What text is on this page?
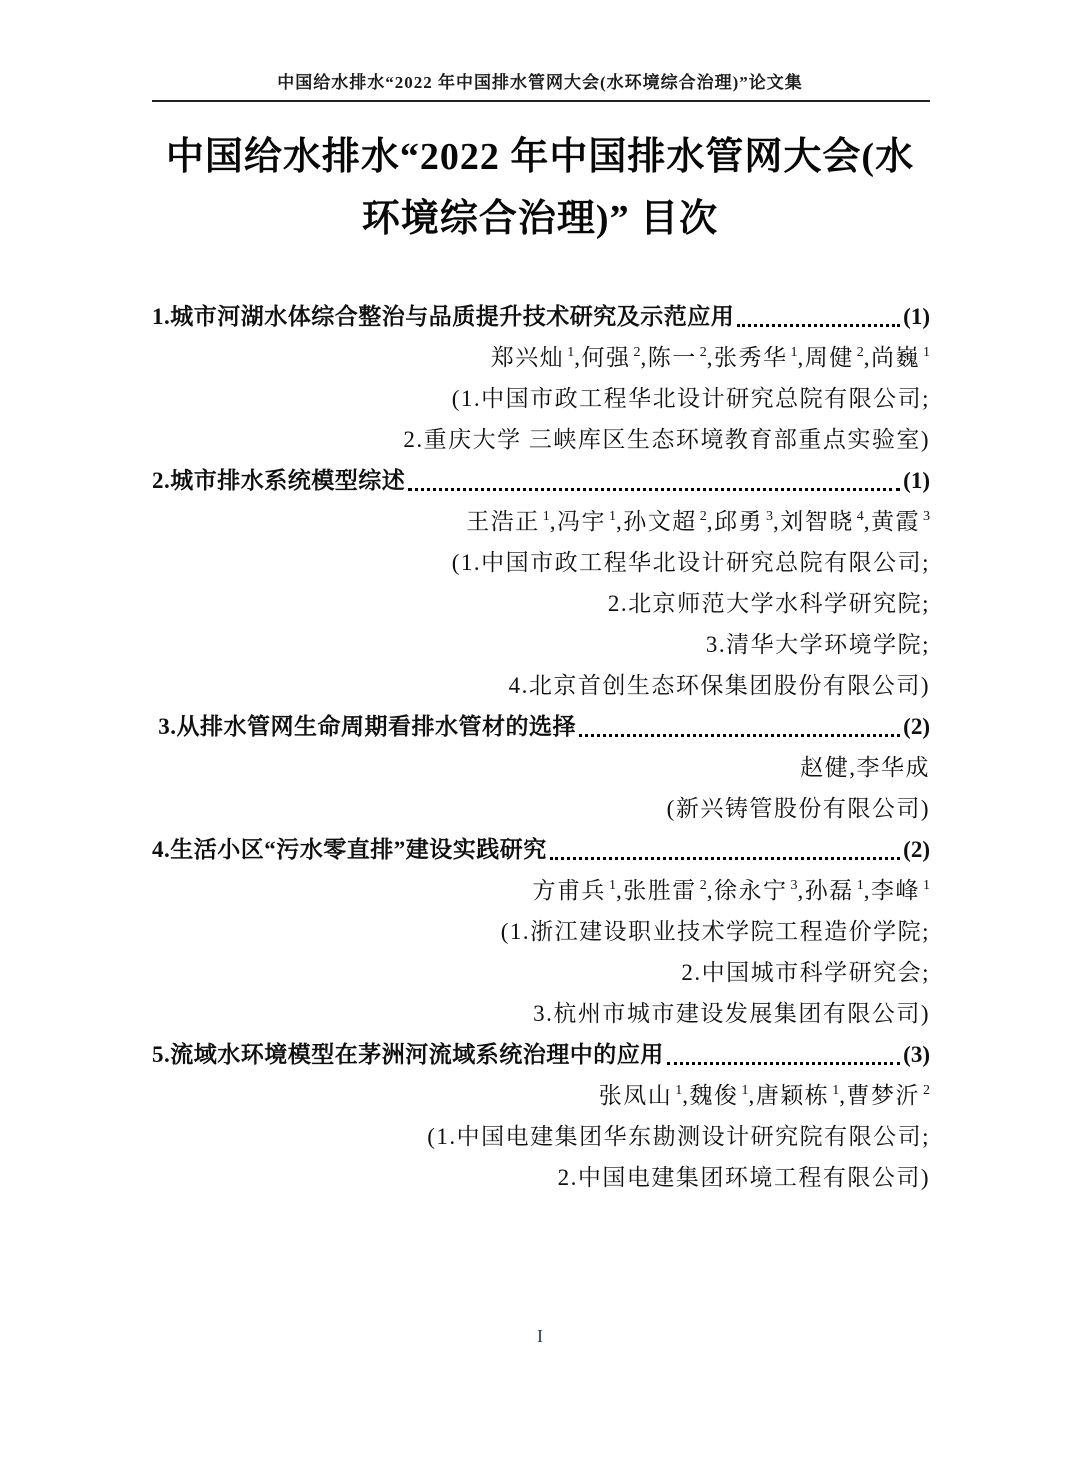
中国给水排水“2022 年中国排水管网大会(水环境综合治理)”论文集
中国给水排水“2022 年中国排水管网大会(水
环境综合治理)” 目次
1.城市河湖水体综合整治与品质提升技术研究及示范应用	(1)
郑兴灿 $^1$,何强 $^2$,陈一 $^2$,张秀华 $^1$,周健 $^2$,尚巍 $^1$
(1.中国市政工程华北设计研究总院有限公司;
2.重庆大学 三峡库区生态环境教育部重点实验室)
2.城市排水系统模型综述	(1)
王浩正 $^1$,冯宇 $^1$,孙文超 $^2$,邱勇 $^3$,刘智晓 $^4$,黄霞 $^3$
(1.中国市政工程华北设计研究总院有限公司;
2.北京师范大学水科学研究院;
3.清华大学环境学院;
4.北京首创生态环保集团股份有限公司)
3.从排水管网生命周期看排水管材的选择	(2)
赵健,李华成
(新兴铸管股份有限公司)
4.生活小区“污水零直排”建设实践研究	(2)
方甫兵 $^1$,张胜雷 $^2$,徐永宁 $^3$,孙磊 $^1$,李峰 $^1$
(1.浙江建设职业技术学院工程造价学院;
2.中国城市科学研究会;
3.杭州市城市建设发展集团有限公司)
5.流域水环境模型在茅洲河流域系统治理中的应用	(3)
张凤山 $^1$,魏俊 $^1$,唐颖栋 $^1$,曹梦沂 $^2$
(1.中国电建集团华东勘测设计研究院有限公司;
2.中国电建集团环境工程有限公司)
I
